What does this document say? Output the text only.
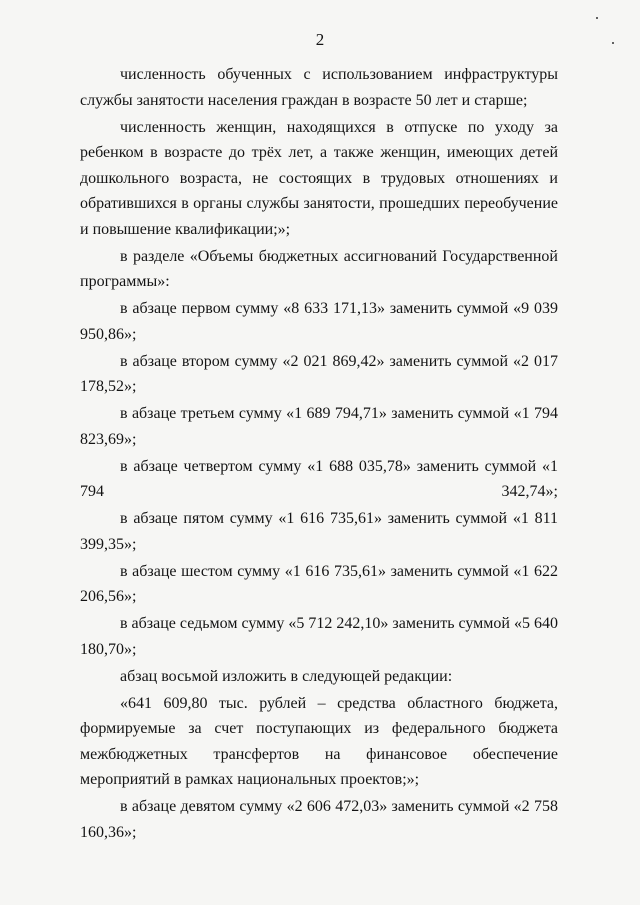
2

численность обученных с использованием инфраструктуры службы занятости населения граждан в возрасте 50 лет и старше;

численность женщин, находящихся в отпуске по уходу за ребенком в возрасте до трёх лет, а также женщин, имеющих детей дошкольного возраста, не состоящих в трудовых отношениях и обратившихся в органы службы занятости, прошедших переобучение и повышение квалификации;»;

в разделе «Объемы бюджетных ассигнований Государственной программы»:

в абзаце первом сумму «8 633 171,13» заменить суммой «9 039 950,86»;

в абзаце втором сумму «2 021 869,42» заменить суммой «2 017 178,52»;

в абзаце третьем сумму «1 689 794,71» заменить суммой «1 794 823,69»;

в абзаце четвертом сумму «1 688 035,78» заменить суммой «1 794 342,74»;

в абзаце пятом сумму «1 616 735,61» заменить суммой «1 811 399,35»;

в абзаце шестом сумму «1 616 735,61» заменить суммой «1 622 206,56»;

в абзаце седьмом сумму «5 712 242,10» заменить суммой «5 640 180,70»;

абзац восьмой изложить в следующей редакции:

«641 609,80 тыс. рублей – средства областного бюджета, формируемые за счет поступающих из федерального бюджета межбюджетных трансфертов на финансовое обеспечение мероприятий в рамках национальных проектов;»;

в абзаце девятом сумму «2 606 472,03» заменить суммой «2 758 160,36»;
